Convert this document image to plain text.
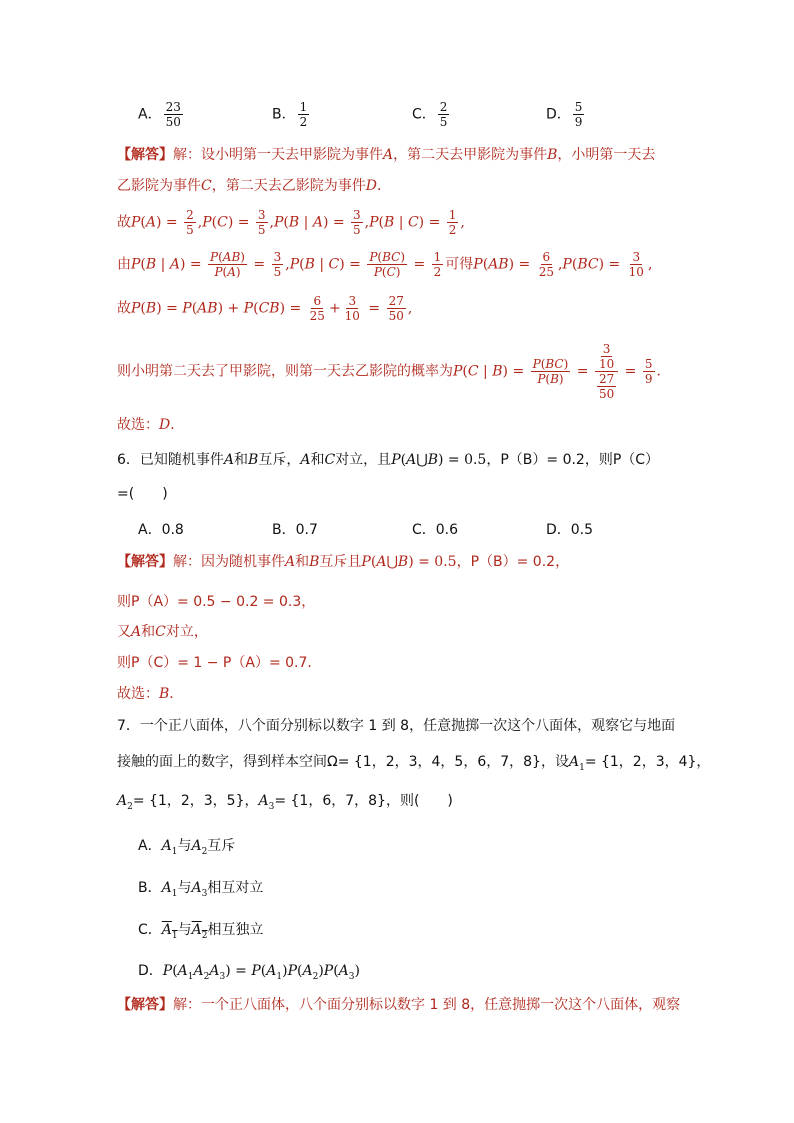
A． $\frac{23}{50}$	B． $\frac{1}{2}$	C． $\frac{2}{5}$	D． $\frac{5}{9}$
【解答】解：设小明第一天去甲影院为事件A，第二天去甲影院为事件B，小明第一天去
乙影院为事件C，第二天去乙影院为事件D．
故$P(A) = \frac{2}{5} ,P(C) = \frac{3}{5} ,P(B$ | $A) = \frac{3}{5} ,P(B$ | $C) = \frac{1}{2}$ ,
由P(B | $A) = \frac{P(AB)}{P(A)} = \frac{3}{5} ,P(B$ | $C) = \frac{P(BC)}{P(C)} = \frac{1}{2}$ 可得$P(AB) = \frac{6}{25} ,P(BC) = \frac{3}{10}$ ,
故$P(B) = P(AB) + P(CB) = \frac{6}{25} + \frac{3}{10} = \frac{27}{50}$ ,
则小明第二天去了甲影院，则第一天去乙影院的概率为P(C | $B) = \frac{P(BC)}{P(B)} = \frac{\frac{3}{10}}{\frac{27}{50}} = \frac{5}{9}$ ．
故选：D．
6．已知随机事件A和B互斥，A和C对立，且P(A⋃B) = 0.5，P（B）= 0.2，则P（C）
=(　　)
A．0.8	B．0.7	C．0.6	D．0.5
【解答】解：因为随机事件A和B互斥且P(A⋃B) = 0.5，P（B）= 0.2，
则P（A）= 0.5 − 0.2 = 0.3，
又A和C对立，
则P（C）= 1 − P（A）= 0.7．
故选：B．
7．一个正八面体，八个面分别标以数字 1 到 8，任意抛掷一次这个八面体，观察它与地面
接触的面上的数字，得到样本空间Ω= {1，2，3，4，5，6，7，8}，设$A_1= \{1$，2，3，4}，
$A_2= \{1$，2，3，5}，$A_3= \{1$，6，7，8}，则(　　)
A．$A_1$与$A_2$互斥
B．$A_1$与$A_3$相互对立
C．$A_1$与$A_2$相互独立
D．$P(A_1A_2A_3) = P(A_1)P(A_2)P(A_3)$
【解答】解：一个正八面体，八个面分别标以数字 1 到 8，任意抛掷一次这个八面体，观察
